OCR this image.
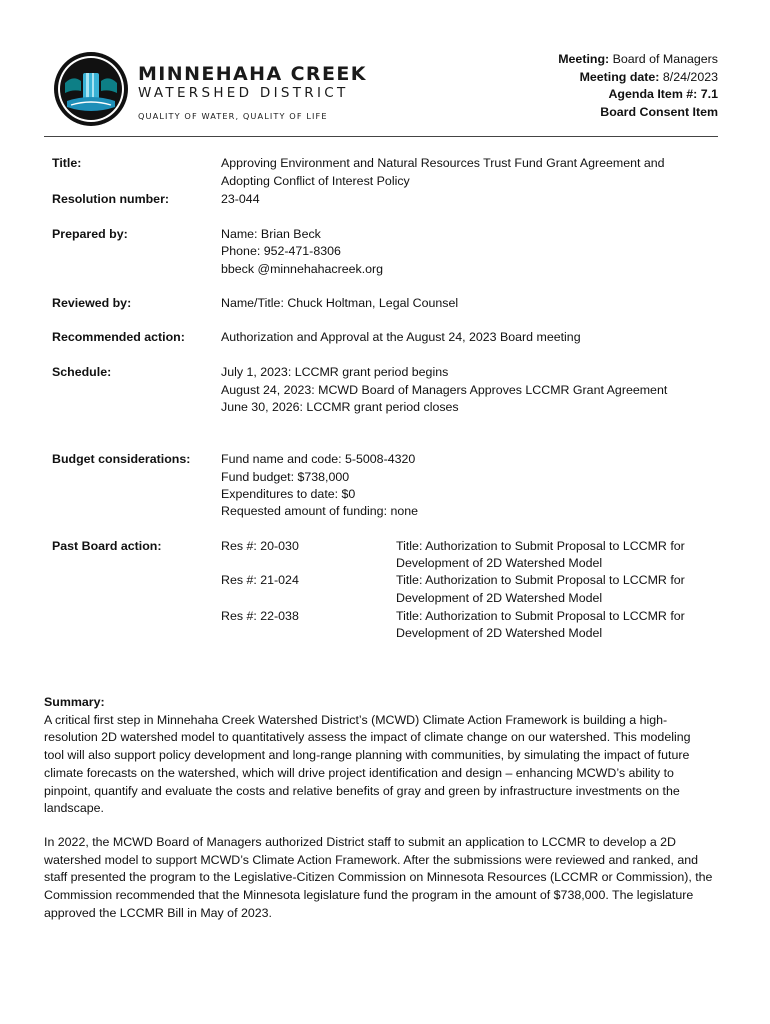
MINNEHAHA CREEK
WATERSHED DISTRICT
QUALITY OF WATER, QUALITY OF LIFE
Meeting: Board of Managers
Meeting date: 8/24/2023
Agenda Item #: 7.1
Board Consent Item
Title:	Approving Environment and Natural Resources Trust Fund Grant Agreement and
Adopting Conflict of Interest Policy
Resolution number:	23-044
Prepared by:	Name: Brian Beck
Phone: 952-471-8306
bbeck @minnehahacreek.org
Reviewed by:	Name/Title: Chuck Holtman, Legal Counsel
Recommended action:	Authorization and Approval at the August 24, 2023 Board meeting
Schedule:	July 1, 2023: LCCMR grant period begins
August 24, 2023: MCWD Board of Managers Approves LCCMR Grant Agreement
June 30, 2026: LCCMR grant period closes
Budget considerations: Fund name and code: 5-5008-4320
Fund budget: $738,000
Expenditures to date: $0
Requested amount of funding: none
Past Board action:	Res #: 20-030	Title: Authorization to Submit Proposal to LCCMR for
Development of 2D Watershed Model
Res #: 21-024	Title: Authorization to Submit Proposal to LCCMR for
Development of 2D Watershed Model
Res #: 22-038	Title: Authorization to Submit Proposal to LCCMR for
Development of 2D Watershed Model
Summary:
A critical first step in Minnehaha Creek Watershed District’s (MCWD) Climate Action Framework is building a high-
resolution 2D watershed model to quantitatively assess the impact of climate change on our watershed. This modeling
tool will also support policy development and long-range planning with communities, by simulating the impact of future
climate forecasts on the watershed, which will drive project identification and design – enhancing MCWD’s ability to
pinpoint, quantify and evaluate the costs and relative benefits of gray and green by infrastructure investments on the
landscape.
In 2022, the MCWD Board of Managers authorized District staff to submit an application to LCCMR to develop a 2D
watershed model to support MCWD’s Climate Action Framework. After the submissions were reviewed and ranked, and
staff presented the program to the Legislative-Citizen Commission on Minnesota Resources (LCCMR or Commission), the
Commission recommended that the Minnesota legislature fund the program in the amount of $738,000. The legislature
approved the LCCMR Bill in May of 2023.
